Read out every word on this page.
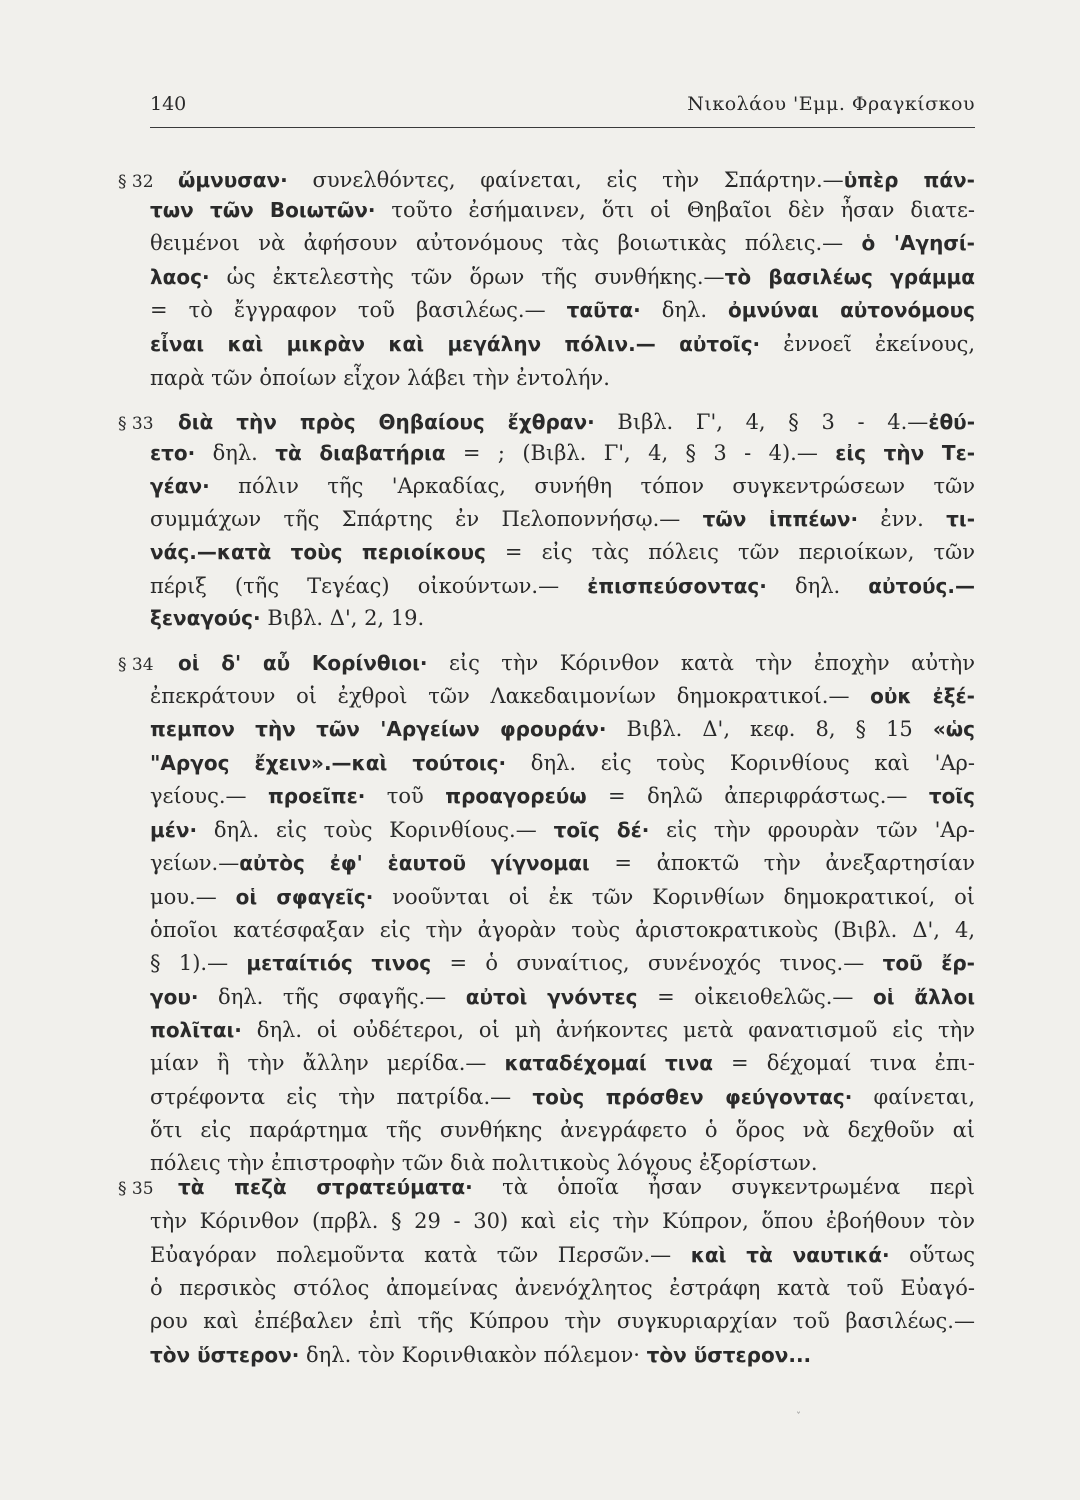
140	Νικολάου 'Εμμ. Φραγκίσκου
§ 32 ὤμνυσαν· συνελθόντες, φαίνεται, εἰς τὴν Σπάρτην.—ὑπὲρ πάν-
των τῶν Βοιωτῶν· τοῦτο ἐσήμαινεν, ὅτι οἱ Θηβαῖοι δὲν ἦσαν διατε-
θειμένοι νὰ ἀφήσουν αὐτονόμους τὰς βοιωτικὰς πόλεις.— ὁ 'Αγησί-
λαος· ὡς ἐκτελεστὴς τῶν ὅρων τῆς συνθήκης.—τὸ βασιλέως γράμμα
= τὸ ἔγγραφον τοῦ βασιλέως.— ταῦτα· δηλ. ὀμνύναι αὐτονόμους
εἶναι καὶ μικρὰν καὶ μεγάλην πόλιν.— αὐτοῖς· ἐννοεῖ ἐκείνους,
παρὰ τῶν ὁποίων εἶχον λάβει τὴν ἐντολήν.
§ 33 διὰ τὴν πρὸς Θηβαίους ἔχθραν· Βιβλ. Γ', 4, § 3 - 4.—ἐθύ-
ετο· δηλ. τὰ διαβατήρια = ; (Βιβλ. Γ', 4, § 3 - 4).— εἰς τὴν Τε-
γέαν· πόλιν τῆς 'Αρκαδίας, συνήθη τόπον συγκεντρώσεων τῶν
συμμάχων τῆς Σπάρτης ἐν Πελοποννήσῳ.— τῶν ἱππέων· ἐνν. τι-
νάς.—κατὰ τοὺς περιοίκους = εἰς τὰς πόλεις τῶν περιοίκων, τῶν
πέριξ (τῆς Τεγέας) οἰκούντων.— ἐπισπεύσοντας· δηλ. αὐτούς.—
ξεναγούς· Βιβλ. Δ', 2, 19.
§ 34 οἱ δ' αὖ Κορίνθιοι· εἰς τὴν Κόρινθον κατὰ τὴν ἐποχὴν αὐτὴν
ἐπεκράτουν οἱ ἐχθροὶ τῶν Λακεδαιμονίων δημοκρατικοί.— οὐκ ἐξέ-
πεμπον τὴν τῶν 'Αργείων φρουράν· Βιβλ. Δ', κεφ. 8, § 15 «ὡς
"Αργος ἔχειν».—καὶ τούτοις· δηλ. εἰς τοὺς Κορινθίους καὶ 'Αρ-
γείους.— προεῖπε· τοῦ προαγορεύω = δηλῶ ἀπεριφράστως.— τοῖς
μέν· δηλ. εἰς τοὺς Κορινθίους.— τοῖς δέ· εἰς τὴν φρουρὰν τῶν 'Αρ-
γείων.—αὐτὸς ἐφ' ἑαυτοῦ γίγνομαι = ἀποκτῶ τὴν ἀνεξαρτησίαν
μου.— οἱ σφαγεῖς· νοοῦνται οἱ ἐκ τῶν Κορινθίων δημοκρατικοί, οἱ
ὁποῖοι κατέσφαξαν εἰς τὴν ἀγορὰν τοὺς ἀριστοκρατικοὺς (Βιβλ. Δ', 4,
§ 1).— μεταίτιός τινος = ὁ συναίτιος, συνένοχός τινος.— τοῦ ἔρ-
γου· δηλ. τῆς σφαγῆς.— αὐτοὶ γνόντες = οἰκειοθελῶς.— οἱ ἄλλοι
πολῖται· δηλ. οἱ οὐδέτεροι, οἱ μὴ ἀνήκοντες μετὰ φανατισμοῦ εἰς τὴν
μίαν ἢ τὴν ἄλλην μερίδα.— καταδέχομαί τινα = δέχομαί τινα ἐπι-
στρέφοντα εἰς τὴν πατρίδα.— τοὺς πρόσθεν φεύγοντας· φαίνεται,
ὅτι εἰς παράρτημα τῆς συνθήκης ἀνεγράφετο ὁ ὅρος νὰ δεχθοῦν αἱ
πόλεις τὴν ἐπιστροφὴν τῶν διὰ πολιτικοὺς λόγους ἐξορίστων.
§ 35 τὰ πεζὰ στρατεύματα· τὰ ὁποῖα ἦσαν συγκεντρωμένα περὶ
τὴν Κόρινθον (πρβλ. § 29 - 30) καὶ εἰς τὴν Κύπρον, ὅπου ἐβοήθουν τὸν
Εὐαγόραν πολεμοῦντα κατὰ τῶν Περσῶν.— καὶ τὰ ναυτικά· οὕτως
ὁ περσικὸς στόλος ἀπομείνας ἀνενόχλητος ἐστράφη κατὰ τοῦ Εὐαγό-
ρου καὶ ἐπέβαλεν ἐπὶ τῆς Κύπρου τὴν συγκυριαρχίαν τοῦ βασιλέως.—
τὸν ὕστερον· δηλ. τὸν Κορινθιακὸν πόλεμον· τὸν ὕστερον...
ˇ
